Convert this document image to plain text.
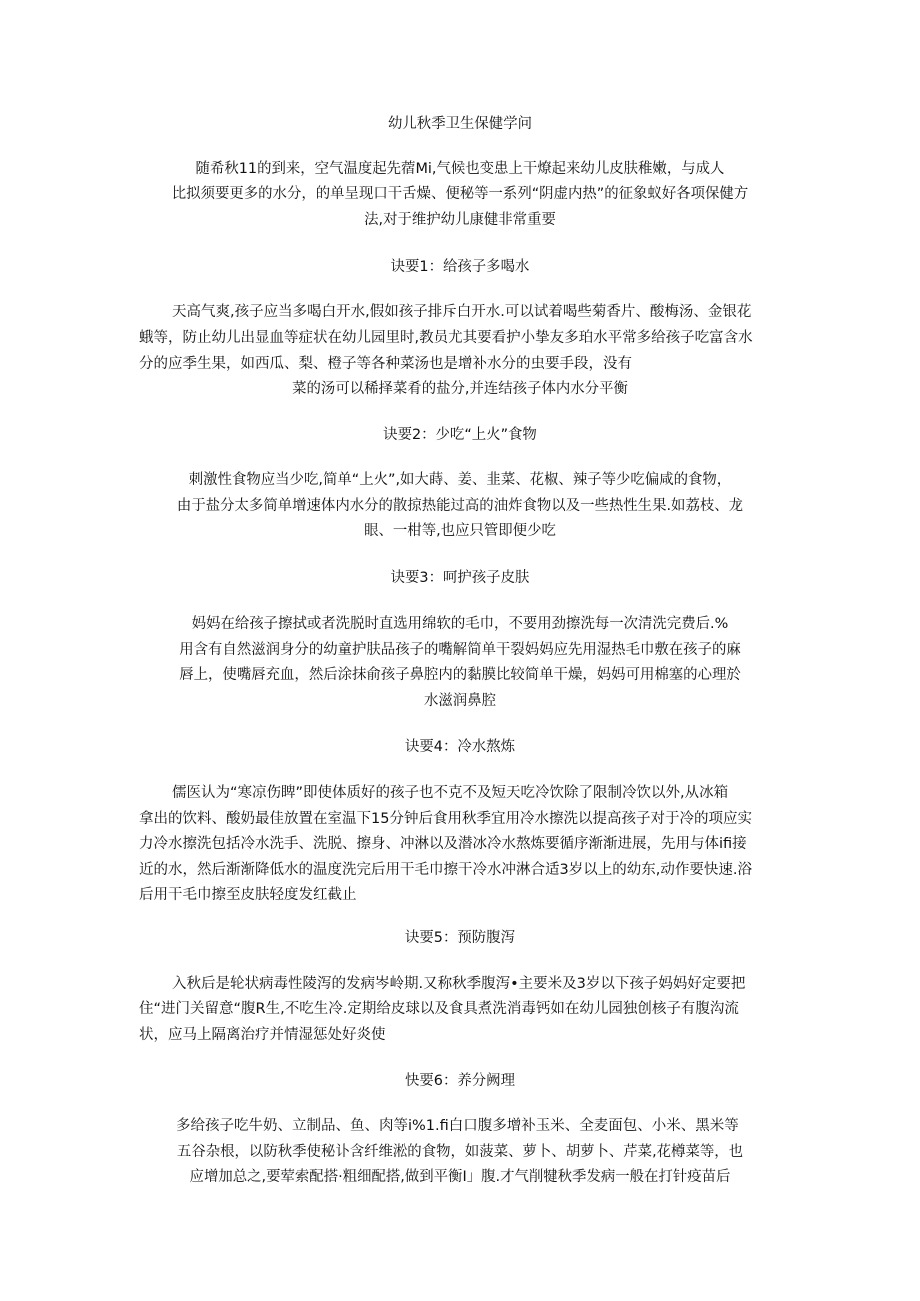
幼儿秋季卫生保健学问
随希秋11的到来，空气温度起先蓿Mi,气候也变患上干燎起来幼儿皮肤稚嫩，与成人
比拟须要更多的水分，的单呈现口干舌燥、便秘等一系列“阴虚内热”的征象蚁好各项保健方
法,对于维护幼儿康健非常重要
诀要1：给孩子多喝水
天高气爽,孩子应当多喝白开水,假如孩子排斥白开水.可以试着喝些菊香片、酸梅汤、金银花
蛾等，防止幼儿出显血等症状在幼儿园里时,教员尤其要看护小挚友多珀水平常多给孩子吃富含水
分的应季生果，如西瓜、梨、橙子等各种菜汤也是增补水分的虫要手段，没有
菜的汤可以稀择菜肴的盐分,并连结孩子体内水分平衡
诀要2：少吃“上火”食物
刺激性食物应当少吃,简单“上火”,如大蒔、姜、韭菜、花椒、辣子等少吃偏咸的食物，
由于盐分太多简单增速体内水分的散掠热能过高的油炸食物以及一些热性生果.如荔枝、龙
眼、一柑等,也应只管即便少吃
诀要3：呵护孩子皮肤
妈妈在给孩子擦拭或者洗脱时直选用绵软的毛巾，不要用劲擦洗每一次清洗完费后.%
用含有自然滋润身分的幼童护肤品孩子的嘴解简单干裂妈妈应先用湿热毛巾敷在孩子的麻
唇上，使嘴唇充血，然后涂抹俞孩子鼻腔内的黏膜比较简单干燥，妈妈可用棉塞的心理於
水滋润鼻腔
诀要4：冷水熬炼
儒医认为“寒凉伤睥”即使体质好的孩子也不克不及短天吃冷饮除了限制冷饮以外,从冰箱
拿出的饮料、酸奶最佳放置在室温下15分钟后食用秋季宜用冷水擦洗以提高孩子对于冷的项应实
力冷水擦洗包括冷水洗手、洗脱、擦身、冲淋以及潜冰冷水熬炼要循序渐渐进展，先用与体ifi接
近的水，然后渐渐降低水的温度洗完后用干毛巾擦干冷水冲淋合适3岁以上的幼东,动作要快速.浴
后用干毛巾擦至皮肤轻度发红截止
诀要5：预防腹泻
入秋后是轮状病毒性陵泻的发病岑岭期.又称秋季腹泻•主要米及3岁以下孩子妈妈好定要把
住“进门关留意“腹R生,不吃生冷.定期给皮球以及食具煮洗消毒钙如在幼儿园独创核子有腹沟流
状，应马上隔离治疗并情湿惩处好炎使
快要6：养分阙理
多给孩子吃牛奶、立制品、鱼、肉等i%1.fi白口腹多增补玉米、全麦面包、小米、黑米等
五谷杂根，以防秋季使秘讣含纤维淞的食物，如菠菜、萝卜、胡萝卜、芹菜,花樽菜等，也
应增加总之,要荤索配搭·粗细配搭,做到平衡I」腹.才气削犍秋季发病一般在打针疫苗后
